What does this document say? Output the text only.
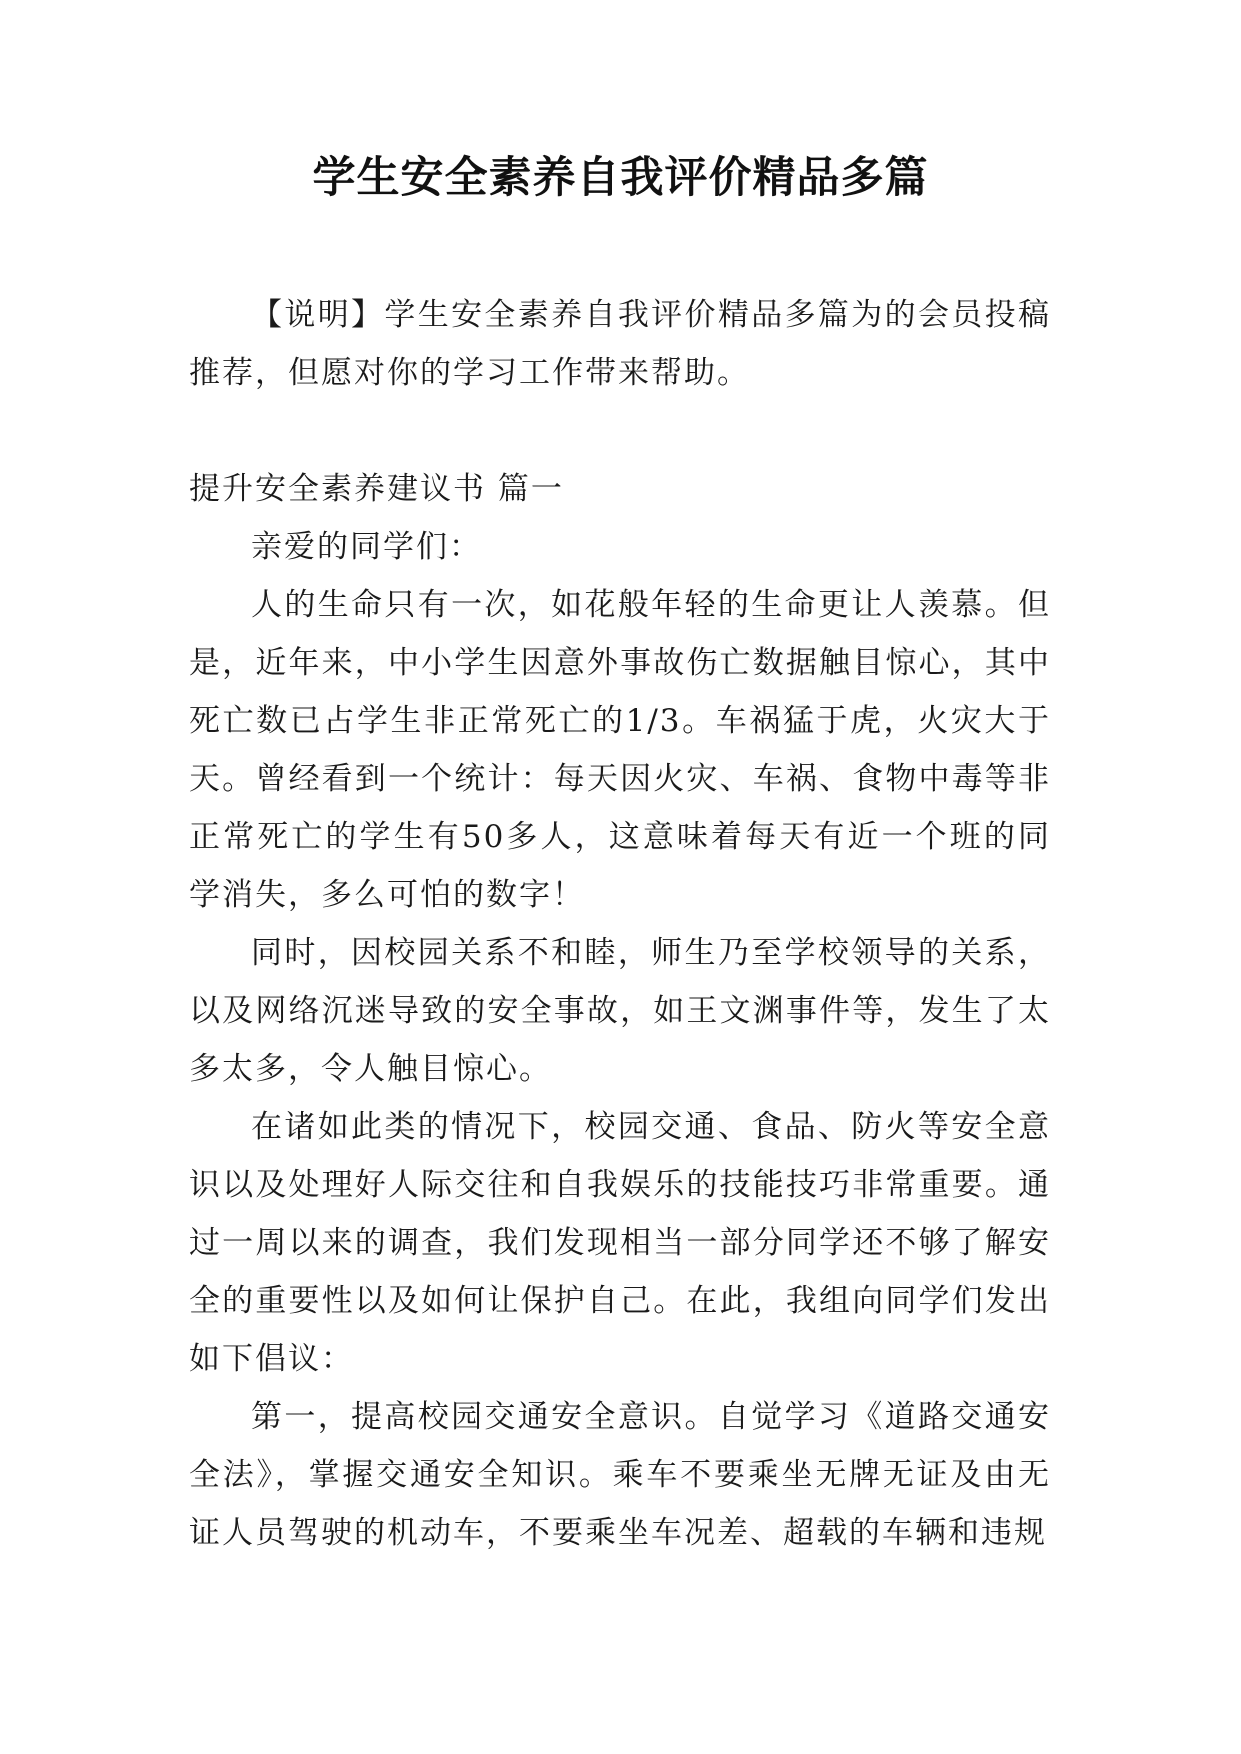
学生安全素养自我评价精品多篇

【说明】学生安全素养自我评价精品多篇为的会员投稿推荐，但愿对你的学习工作带来帮助。

提升安全素养建议书 篇一

亲爱的同学们：

人的生命只有一次，如花般年轻的生命更让人羡慕。但是，近年来，中小学生因意外事故伤亡数据触目惊心，其中死亡数已占学生非正常死亡的1/3。车祸猛于虎，火灾大于天。曾经看到一个统计：每天因火灾、车祸、食物中毒等非正常死亡的学生有50多人，这意味着每天有近一个班的同学消失，多么可怕的数字！

同时，因校园关系不和睦，师生乃至学校领导的关系，以及网络沉迷导致的安全事故，如王文渊事件等，发生了太多太多，令人触目惊心。

在诸如此类的情况下，校园交通、食品、防火等安全意识以及处理好人际交往和自我娱乐的技能技巧非常重要。通过一周以来的调查，我们发现相当一部分同学还不够了解安全的重要性以及如何让保护自己。在此，我组向同学们发出如下倡议：

第一，提高校园交通安全意识。自觉学习《道路交通安全法》，掌握交通安全知识。乘车不要乘坐无牌无证及由无证人员驾驶的机动车，不要乘坐车况差、超载的车辆和违规
